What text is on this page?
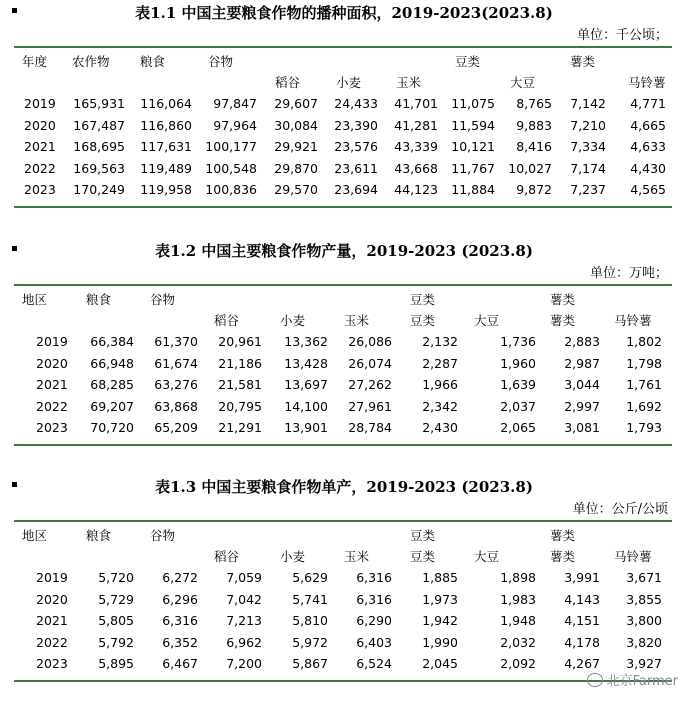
表1.1 中国主要粮食作物的播种面积，2019-2023(2023.8)
单位：千公顷；
年度 农作物 粮食	谷物	豆类	薯类
稻谷	小麦	玉米	大豆	马铃薯
2019 165,931 116,064 97,847 29,607 24,433 41,701 11,075 8,765 7,142 4,771
2020 167,487 116,860 97,964 30,084 23,390 41,281 11,594 9,883 7,210 4,665
2021 168,695 117,631 100,177 29,921 23,576 43,339 10,121 8,416 7,334 4,633
2022 169,563 119,489 100,548 29,870 23,611 43,668 11,767 10,027 7,174 4,430
2023 170,249 119,958 100,836 29,570 23,694 44,123 11,884 9,872 7,237 4,565
表1.2 中国主要粮食作物产量，2019-2023 (2023.8)
单位：万吨；
地区	粮食	谷物	豆类	薯类
稻谷	小麦	玉米	豆类	大豆	薯类	马铃薯
2019 66,384 61,370 20,961 13,362 26,086 2,132	1,736 2,883 1,802
2020 66,948 61,674 21,186 13,428 26,074 2,287	1,960 2,987 1,798
2021 68,285 63,276 21,581 13,697 27,262 1,966	1,639 3,044 1,761
2022 69,207 63,868 20,795 14,100 27,961 2,342	2,037 2,997 1,692
2023 70,720 65,209 21,291 13,901 28,784 2,430	2,065 3,081 1,793
表1.3 中国主要粮食作物单产，2019-2023 (2023.8)
单位：公斤/公顷
地区	粮食	谷物	豆类	薯类
稻谷	小麦	玉米	豆类	大豆	薯类	马铃薯
2019 5,720 6,272 7,059 5,629 6,316 1,885	1,898 3,991 3,671
2020 5,729 6,296 7,042 5,741 6,316 1,973	1,983 4,143 3,855
2021 5,805 6,316 7,213 5,810 6,290 1,942	1,948 4,151 3,800
2022 5,792 6,352 6,962 5,972 6,403 1,990	2,032 4,178 3,820
2023 5,895 6,467 7,200 5,867 6,524 2,045	2,092 4,267 3,927
北京Farmer
